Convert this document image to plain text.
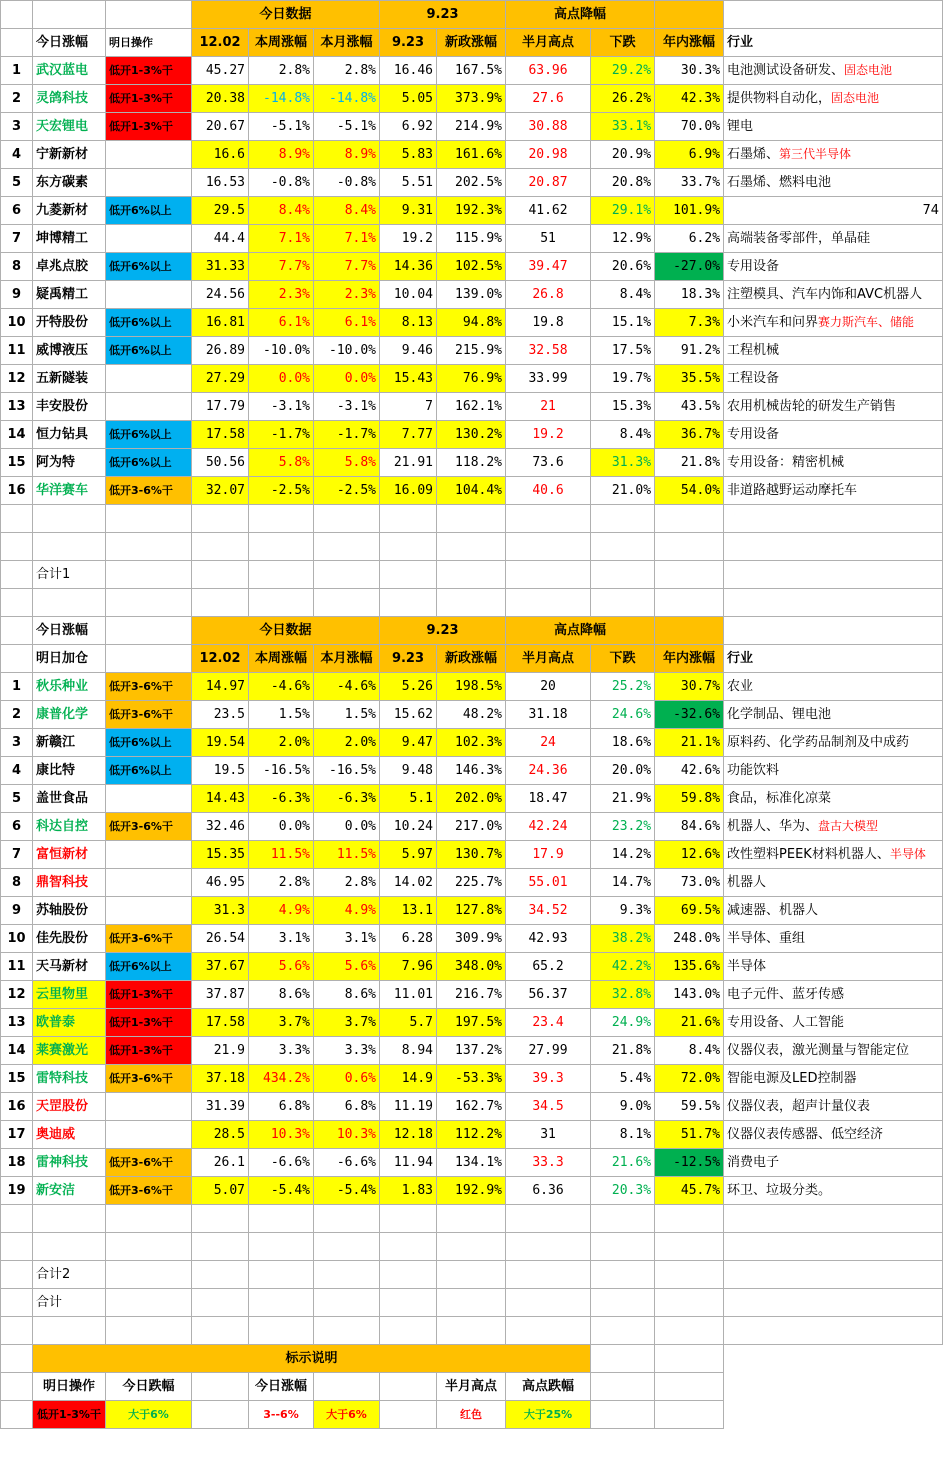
			今日数据			9.23		高点降幅			
	今日涨幅	明日操作	12.02	本周涨幅	本月涨幅	9.23	新政涨幅	半月高点	下跌	年内涨幅	行业
1	武汉蓝电	低开1-3%干	45.27	2.8%	2.8%	16.46	167.5%	63.96	29.2%	30.3%	电池测试设备研发、固态电池
2	灵鸽科技	低开1-3%干	20.38	-14.8%	-14.8%	5.05	373.9%	27.6	26.2%	42.3%	提供物料自动化，固态电池
3	天宏锂电	低开1-3%干	20.67	-5.1%	-5.1%	6.92	214.9%	30.88	33.1%	70.0%	锂电
4	宁新新材		16.6	8.9%	8.9%	5.83	161.6%	20.98	20.9%	6.9%	石墨烯、第三代半导体
5	东方碳素		16.53	-0.8%	-0.8%	5.51	202.5%	20.87	20.8%	33.7%	石墨烯、燃料电池
6	九菱新材	低开6%以上	29.5	8.4%	8.4%	9.31	192.3%	41.62	29.1%	101.9%	74
7	坤博精工		44.4	7.1%	7.1%	19.2	115.9%	51	12.9%	6.2%	高端装备零部件，单晶硅
8	卓兆点胶	低开6%以上	31.33	7.7%	7.7%	14.36	102.5%	39.47	20.6%	-27.0%	专用设备
9	疑禹精工		24.56	2.3%	2.3%	10.04	139.0%	26.8	8.4%	18.3%	注塑模具、汽车内饰和AVC机器人
10	开特股份	低开6%以上	16.81	6.1%	6.1%	8.13	94.8%	19.8	15.1%	7.3%	小米汽车和问界赛力斯汽车、储能
11	威博液压	低开6%以上	26.89	-10.0%	-10.0%	9.46	215.9%	32.58	17.5%	91.2%	工程机械
12	五新隧装		27.29	0.0%	0.0%	15.43	76.9%	33.99	19.7%	35.5%	工程设备
13	丰安股份		17.79	-3.1%	-3.1%	7	162.1%	21	15.3%	43.5%	农用机械齿轮的研发生产销售
14	恒力钻具	低开6%以上	17.58	-1.7%	-1.7%	7.77	130.2%	19.2	8.4%	36.7%	专用设备
15	阿为特	低开6%以上	50.56	5.8%	5.8%	21.91	118.2%	73.6	31.3%	21.8%	专用设备：精密机械
16	华洋赛车	低开3-6%干	32.07	-2.5%	-2.5%	16.09	104.4%	40.6	21.0%	54.0%	非道路越野运动摩托车

	合计1										

	今日涨幅		今日数据			9.23		高点降幅			
	明日加仓		12.02	本周涨幅	本月涨幅	9.23	新政涨幅	半月高点	下跌	年内涨幅	行业
1	秋乐种业	低开3-6%干	14.97	-4.6%	-4.6%	5.26	198.5%	20	25.2%	30.7%	农业
2	康普化学	低开3-6%干	23.5	1.5%	1.5%	15.62	48.2%	31.18	24.6%	-32.6%	化学制品、锂电池
3	新赣江	低开6%以上	19.54	2.0%	2.0%	9.47	102.3%	24	18.6%	21.1%	原料药、化学药品制剂及中成药
4	康比特	低开6%以上	19.5	-16.5%	-16.5%	9.48	146.3%	24.36	20.0%	42.6%	功能饮料
5	盖世食品		14.43	-6.3%	-6.3%	5.1	202.0%	18.47	21.9%	59.8%	食品，标准化凉菜
6	科达自控	低开3-6%干	32.46	0.0%	0.0%	10.24	217.0%	42.24	23.2%	84.6%	机器人、华为、盘古大模型
7	富恒新材		15.35	11.5%	11.5%	5.97	130.7%	17.9	14.2%	12.6%	改性塑料PEEK材料机器人、半导体
8	鼎智科技		46.95	2.8%	2.8%	14.02	225.7%	55.01	14.7%	73.0%	机器人
9	苏轴股份		31.3	4.9%	4.9%	13.1	127.8%	34.52	9.3%	69.5%	减速器、机器人
10	佳先股份	低开3-6%干	26.54	3.1%	3.1%	6.28	309.9%	42.93	38.2%	248.0%	半导体、重组
11	天马新材	低开6%以上	37.67	5.6%	5.6%	7.96	348.0%	65.2	42.2%	135.6%	半导体
12	云里物里	低开1-3%干	37.87	8.6%	8.6%	11.01	216.7%	56.37	32.8%	143.0%	电子元件、蓝牙传感
13	欧普泰	低开1-3%干	17.58	3.7%	3.7%	5.7	197.5%	23.4	24.9%	21.6%	专用设备、人工智能
14	莱赛激光	低开1-3%干	21.9	3.3%	3.3%	8.94	137.2%	27.99	21.8%	8.4%	仪器仪表，激光测量与智能定位
15	雷特科技	低开3-6%干	37.18	434.2%	0.6%	14.9	-53.3%	39.3	5.4%	72.0%	智能电源及LED控制器
16	天罡股份		31.39	6.8%	6.8%	11.19	162.7%	34.5	9.0%	59.5%	仪器仪表，超声计量仪表
17	奥迪威		28.5	10.3%	10.3%	12.18	112.2%	31	8.1%	51.7%	仪器仪表传感器、低空经济
18	雷神科技	低开3-6%干	26.1	-6.6%	-6.6%	11.94	134.1%	33.3	21.6%	-12.5%	消费电子
19	新安洁	低开3-6%干	5.07	-5.4%	-5.4%	1.83	192.9%	6.36	20.3%	45.7%	环卫、垃圾分类。

	合计2										
	合计										

	标示说明										
	明日操作	今日跌幅		今日涨幅			半月高点	高点跌幅			
	低开1-3%干	大于6%		3--6%	大于6%		红色	大于25%			
